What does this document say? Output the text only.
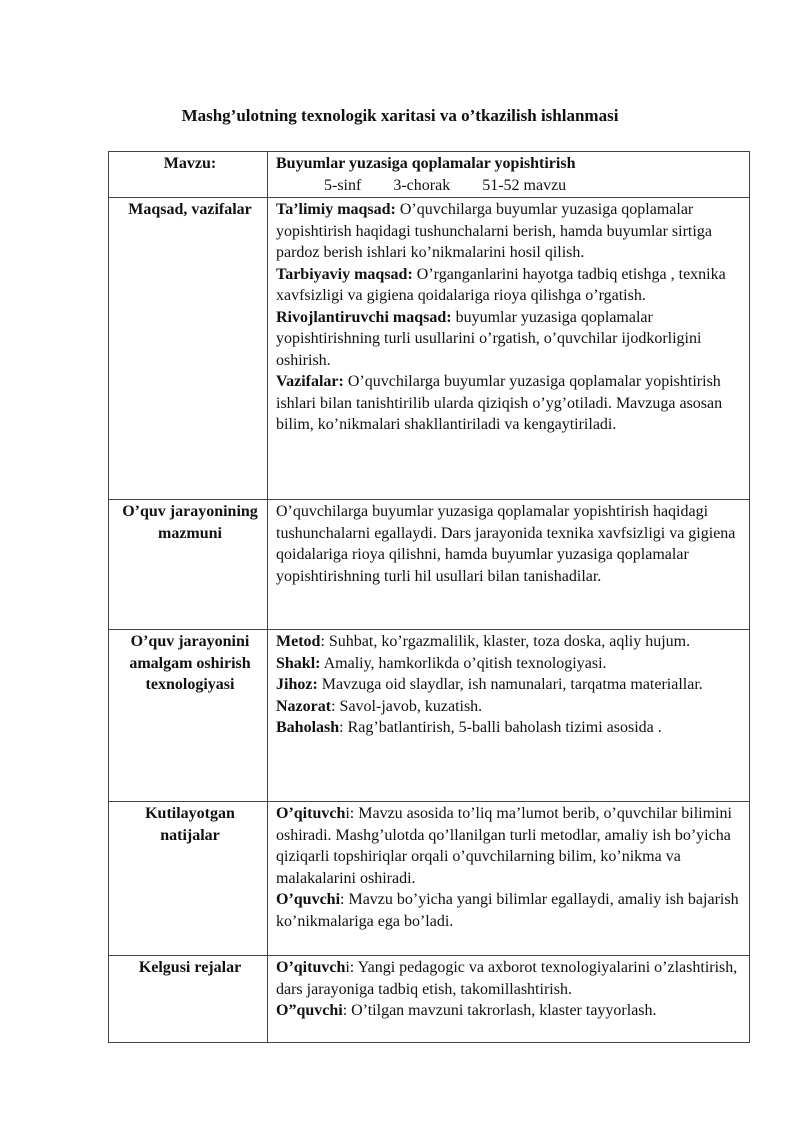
Mashg’ulotning texnologik xaritasi va o’tkazilish ishlanmasi
Mavzu:	Buyumlar yuzasiga qoplamalar yopishtirish
5-sinf 3-chorak 51-52 mavzu

Maqsad, vazifalar	Ta’limiy maqsad: O’quvchilarga buyumlar yuzasiga qoplamalar yopishtirish haqidagi tushunchalarni berish, hamda buyumlar sirtiga pardoz berish ishlari ko’nikmalarini hosil qilish.
Tarbiyaviy maqsad: O’rganganlarini hayotga tadbiq etishga , texnika xavfsizligi va gigiena qoidalariga rioya qilishga o’rgatish.
Rivojlantiruvchi maqsad: buyumlar yuzasiga qoplamalar yopishtirishning turli usullarini o’rgatish, o’quvchilar ijodkorligini oshirish.
Vazifalar: O’quvchilarga buyumlar yuzasiga qoplamalar yopishtirish ishlari bilan tanishtirilib ularda qiziqish o’yg’otiladi. Mavzuga asosan bilim, ko’nikmalari shakllantiriladi va kengaytiriladi.

O’quv jarayonining mazmuni	O’quvchilarga buyumlar yuzasiga qoplamalar yopishtirish haqidagi tushunchalarni egallaydi. Dars jarayonida texnika xavfsizligi va gigiena qoidalariga rioya qilishni, hamda buyumlar yuzasiga qoplamalar yopishtirishning turli hil usullari bilan tanishadilar.

O’quv jarayonini amalgam oshirish texnologiyasi	Metod: Suhbat, ko’rgazmalilik, klaster, toza doska, aqliy hujum.
Shakl: Amaliy, hamkorlikda o’qitish texnologiyasi.
Jihoz: Mavzuga oid slaydlar, ish namunalari, tarqatma materiallar.
Nazorat: Savol-javob, kuzatish.
Baholash: Rag’batlantirish, 5-balli baholash tizimi asosida .

Kutilayotgan natijalar	O’qituvchi: Mavzu asosida to’liq ma’lumot berib, o’quvchilar bilimini oshiradi. Mashg’ulotda qo’llanilgan turli metodlar, amaliy ish bo’yicha qiziqarli topshiriqlar orqali o’quvchilarning bilim, ko’nikma va malakalarini oshiradi.
O’quvchi: Mavzu bo’yicha yangi bilimlar egallaydi, amaliy ish bajarish ko’nikmalariga ega bo’ladi.

Kelgusi rejalar	O’qituvchi: Yangi pedagogic va axborot texnologiyalarini o’zlashtirish, dars jarayoniga tadbiq etish, takomillashtirish.
O”quvchi: O’tilgan mavzuni takrorlash, klaster tayyorlash.
